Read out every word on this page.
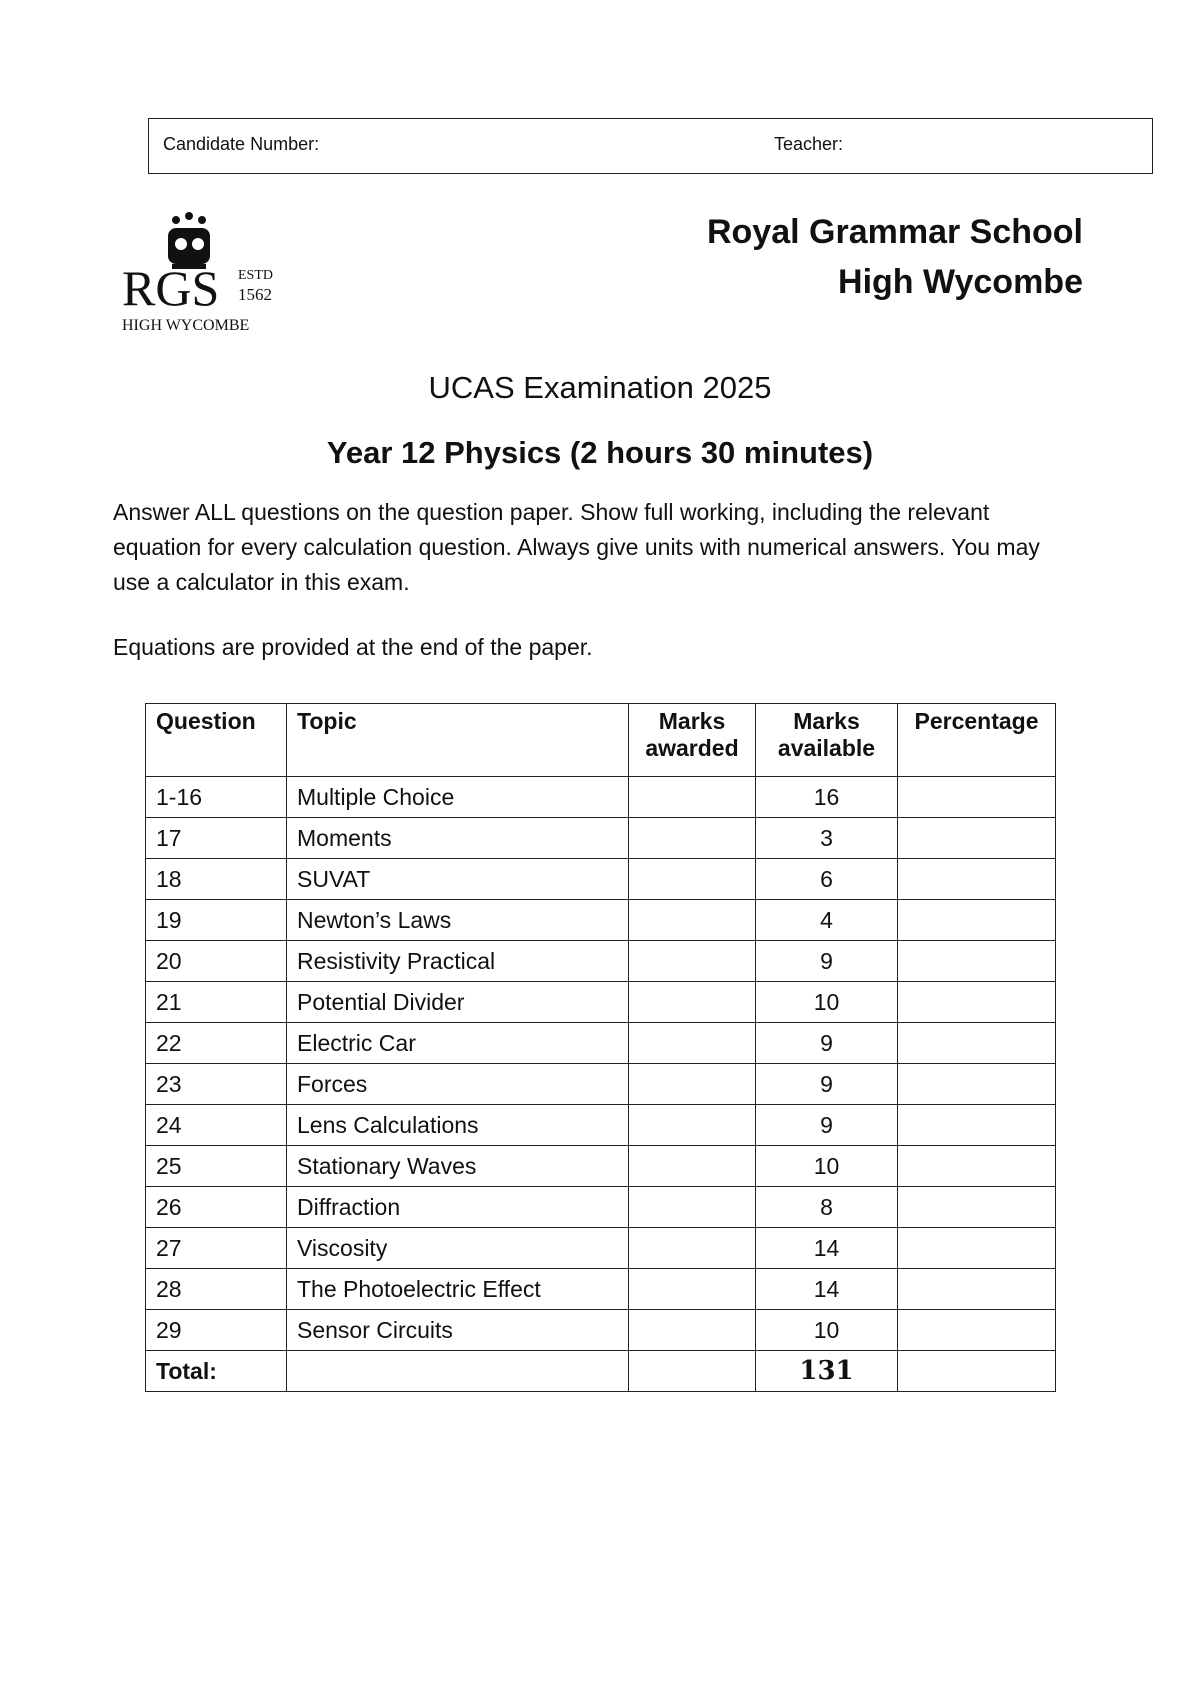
Candidate Number:	Teacher:
RGS ESTD
1562
HIGH WYCOMBE
Royal Grammar School
High Wycombe
UCAS Examination 2025
Year 12 Physics (2 hours 30 minutes)
Answer ALL questions on the question paper. Show full working, including the relevant equation for every calculation question. Always give units with numerical answers. You may use a calculator in this exam.
Equations are provided at the end of the paper.
Question	Topic	Marks awarded	Marks available	Percentage
1-16	Multiple Choice		16	
17	Moments		3	
18	SUVAT		6	
19	Newton’s Laws		4	
20	Resistivity Practical		9	
21	Potential Divider		10	
22	Electric Car		9	
23	Forces		9	
24	Lens Calculations		9	
25	Stationary Waves		10	
26	Diffraction		8	
27	Viscosity		14	
28	The Photoelectric Effect		14	
29	Sensor Circuits		10	
Total:			131	
